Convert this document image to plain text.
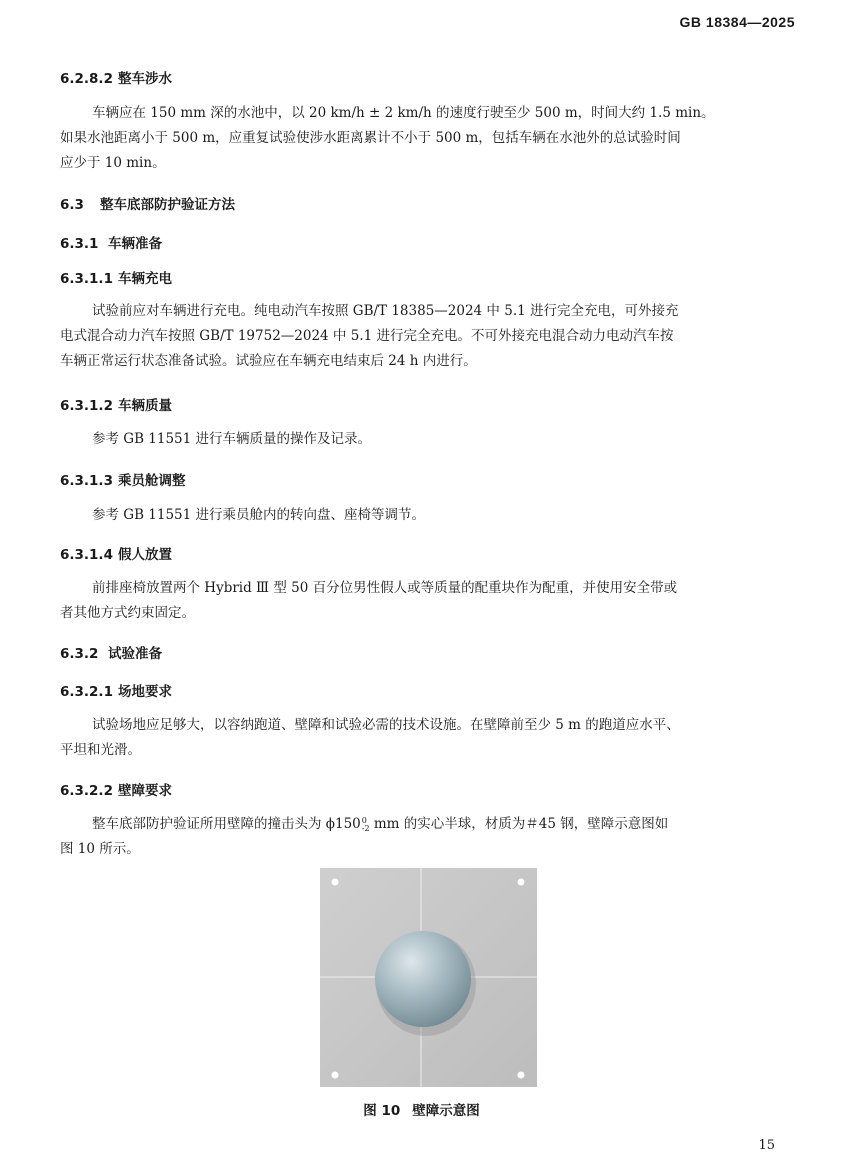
GB 18384—2025
6.2.8.2 整车涉水
车辆应在 150 mm 深的水池中，以 20 km/h ± 2 km/h 的速度行驶至少 500 m，时间大约 1.5 min。
如果水池距离小于 500 m，应重复试验使涉水距离累计不小于 500 m，包括车辆在水池外的总试验时间
应少于 10 min。
6.3 整车底部防护验证方法
6.3.1 车辆准备
6.3.1.1 车辆充电
试验前应对车辆进行充电。纯电动汽车按照 GB/T 18385—2024 中 5.1 进行完全充电，可外接充
电式混合动力汽车按照 GB/T 19752—2024 中 5.1 进行完全充电。不可外接充电混合动力电动汽车按
车辆正常运行状态准备试验。试验应在车辆充电结束后 24 h 内进行。
6.3.1.2 车辆质量
参考 GB 11551 进行车辆质量的操作及记录。
6.3.1.3 乘员舱调整
参考 GB 11551 进行乘员舱内的转向盘、座椅等调节。
6.3.1.4 假人放置
前排座椅放置两个 Hybrid Ⅲ 型 50 百分位男性假人或等质量的配重块作为配重，并使用安全带或
者其他方式约束固定。
6.3.2 试验准备
6.3.2.1 场地要求
试验场地应足够大，以容纳跑道、壁障和试验必需的技术设施。在壁障前至少 5 m 的跑道应水平、
平坦和光滑。
6.3.2.2 壁障要求
整车底部防护验证所用壁障的撞击头为 ϕ150 0
-2 mm 的实心半球，材质为＃45 钢，壁障示意图如
图 10 所示。
图 10 壁障示意图
15
